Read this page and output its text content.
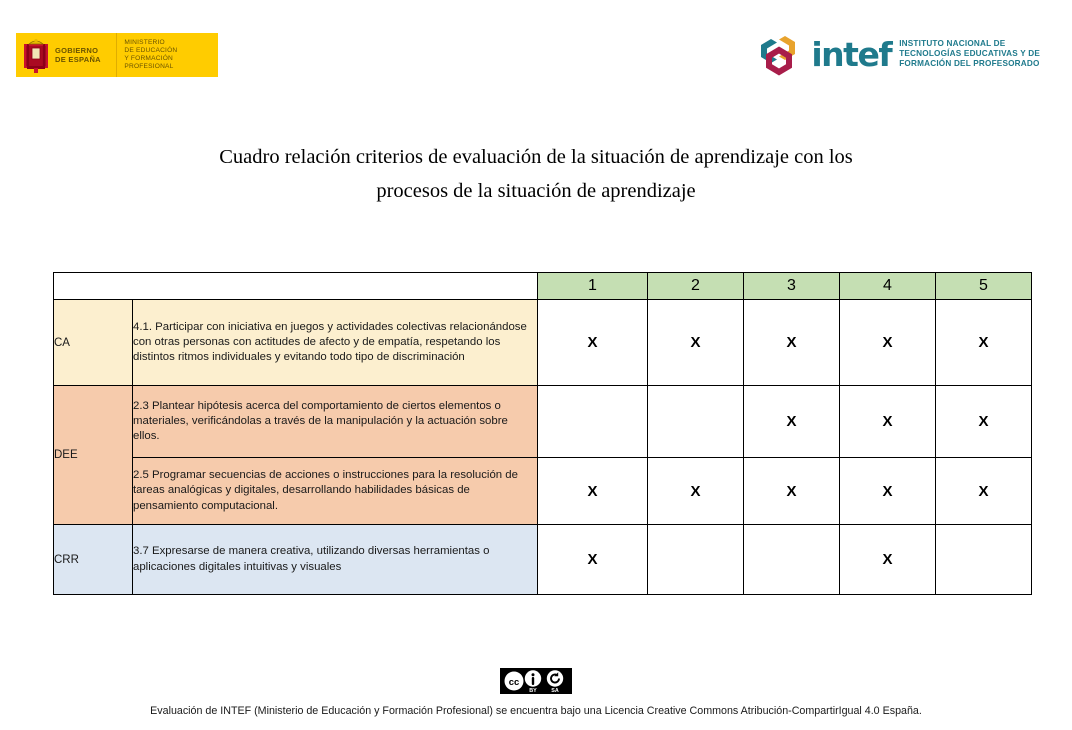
GOBIERNO
DE ESPAÑA
MINISTERIO
DE EDUCACIÓN
Y FORMACIÓN PROFESIONAL	intef INSTITUTO NACIONAL DE
TECNOLOGÍAS EDUCATIVAS Y DE
FORMACIÓN DEL PROFESORADO
Cuadro relación criterios de evaluación de la situación de aprendizaje con los
procesos de la situación de aprendizaje
		1	2	3	4	5
CA	4.1. Participar con iniciativa en juegos y actividades colectivas relacionándose con otras personas con actitudes de afecto y de empatía, respetando los distintos ritmos individuales y evitando todo tipo de discriminación	X	X	X	X	X
DEE	2.3 Plantear hipótesis acerca del comportamiento de ciertos elementos o materiales, verificándolas a través de la manipulación y la actuación sobre ellos.			X	X	X
	2.5 Programar secuencias de acciones o instrucciones para la resolución de tareas analógicas y digitales, desarrollando habilidades básicas de pensamiento computacional.	X	X	X	X	X
CRR	3.7 Expresarse de manera creativa, utilizando diversas herramientas o aplicaciones digitales intuitivas y visuales	X			X	
cc
BY	SA
Evaluación de INTEF (Ministerio de Educación y Formación Profesional) se encuentra bajo una Licencia Creative Commons Atribución-CompartirIgual 4.0 España.
